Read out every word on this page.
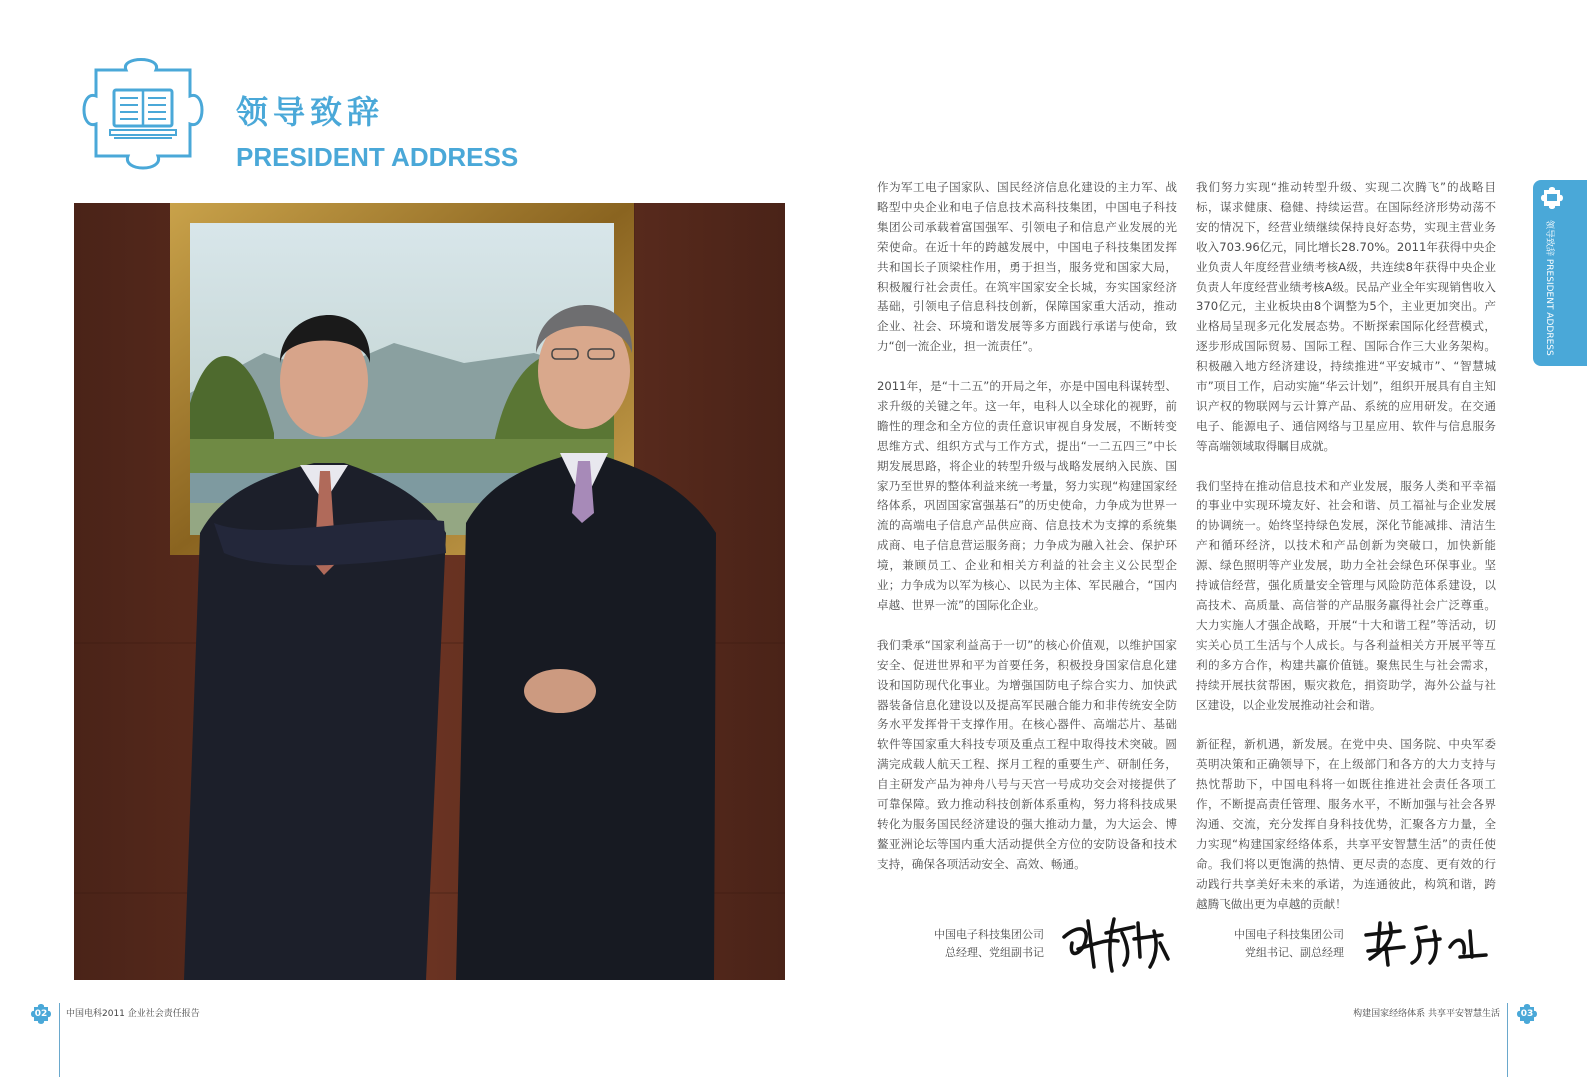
领导致辞
PRESIDENT ADDRESS

作为军工电子国家队、国民经济信息化建设的主力军、战略型中央企业和电子信息技术高科技集团，中国电子科技集团公司承载着富国强军、引领电子和信息产业发展的光荣使命。在近十年的跨越发展中，中国电子科技集团发挥共和国长子顶梁柱作用，勇于担当，服务党和国家大局，积极履行社会责任。在筑牢国家安全长城，夯实国家经济基础，引领电子信息科技创新，保障国家重大活动，推动企业、社会、环境和谐发展等多方面践行承诺与使命，致力“创一流企业，担一流责任”。

2011年，是“十二五”的开局之年，亦是中国电科谋转型、求升级的关键之年。这一年，电科人以全球化的视野，前瞻性的理念和全方位的责任意识审视自身发展，不断转变思维方式、组织方式与工作方式，提出“一二五四三”中长期发展思路，将企业的转型升级与战略发展纳入民族、国家乃至世界的整体利益来统一考量，努力实现“构建国家经络体系，巩固国家富强基石”的历史使命，力争成为世界一流的高端电子信息产品供应商、信息技术为支撑的系统集成商、电子信息营运服务商；力争成为融入社会、保护环境，兼顾员工、企业和相关方利益的社会主义公民型企业；力争成为以军为核心、以民为主体、军民融合，“国内卓越、世界一流”的国际化企业。

我们秉承“国家利益高于一切”的核心价值观，以维护国家安全、促进世界和平为首要任务，积极投身国家信息化建设和国防现代化事业。为增强国防电子综合实力、加快武器装备信息化建设以及提高军民融合能力和非传统安全防务水平发挥骨干支撑作用。在核心器件、高端芯片、基础软件等国家重大科技专项及重点工程中取得技术突破。圆满完成载人航天工程、探月工程的重要生产、研制任务，自主研发产品为神舟八号与天宫一号成功交会对接提供了可靠保障。致力推动科技创新体系重构，努力将科技成果转化为服务国民经济建设的强大推动力量，为大运会、博鳌亚洲论坛等国内重大活动提供全方位的安防设备和技术支持，确保各项活动安全、高效、畅通。

我们努力实现“推动转型升级、实现二次腾飞”的战略目标，谋求健康、稳健、持续运营。在国际经济形势动荡不安的情况下，经营业绩继续保持良好态势，实现主营业务收入703.96亿元，同比增长28.70%。2011年获得中央企业负责人年度经营业绩考核A级，共连续8年获得中央企业负责人年度经营业绩考核A级。民品产业全年实现销售收入370亿元，主业板块由8个调整为5个，主业更加突出。产业格局呈现多元化发展态势。不断探索国际化经营模式，逐步形成国际贸易、国际工程、国际合作三大业务架构。积极融入地方经济建设，持续推进“平安城市”、“智慧城市”项目工作，启动实施“华云计划”，组织开展具有自主知识产权的物联网与云计算产品、系统的应用研发。在交通电子、能源电子、通信网络与卫星应用、软件与信息服务等高端领域取得瞩目成就。

我们坚持在推动信息技术和产业发展，服务人类和平幸福的事业中实现环境友好、社会和谐、员工福祉与企业发展的协调统一。始终坚持绿色发展，深化节能减排、清洁生产和循环经济，以技术和产品创新为突破口，加快新能源、绿色照明等产业发展，助力全社会绿色环保事业。坚持诚信经营，强化质量安全管理与风险防范体系建设，以高技术、高质量、高信誉的产品服务赢得社会广泛尊重。大力实施人才强企战略，开展“十大和谐工程”等活动，切实关心员工生活与个人成长。与各利益相关方开展平等互利的多方合作，构建共赢价值链。聚焦民生与社会需求，持续开展扶贫帮困，赈灾救危，捐资助学，海外公益与社区建设，以企业发展推动社会和谐。

新征程，新机遇，新发展。在党中央、国务院、中央军委英明决策和正确领导下，在上级部门和各方的大力支持与热忱帮助下，中国电科将一如既往推进社会责任各项工作，不断提高责任管理、服务水平，不断加强与社会各界沟通、交流，充分发挥自身科技优势，汇聚各方力量，全力实现“构建国家经络体系，共享平安智慧生活”的责任使命。我们将以更饱满的热情、更尽责的态度、更有效的行动践行共享美好未来的承诺，为连通彼此，构筑和谐，跨越腾飞做出更为卓越的贡献！

中国电子科技集团公司
总经理、党组副书记
中国电子科技集团公司
党组书记、副总经理
领导致辞 PRESIDENT ADDRESS
02	中国电科2011 企业社会责任报告	03
构建国家经络体系 共享平安智慧生活
